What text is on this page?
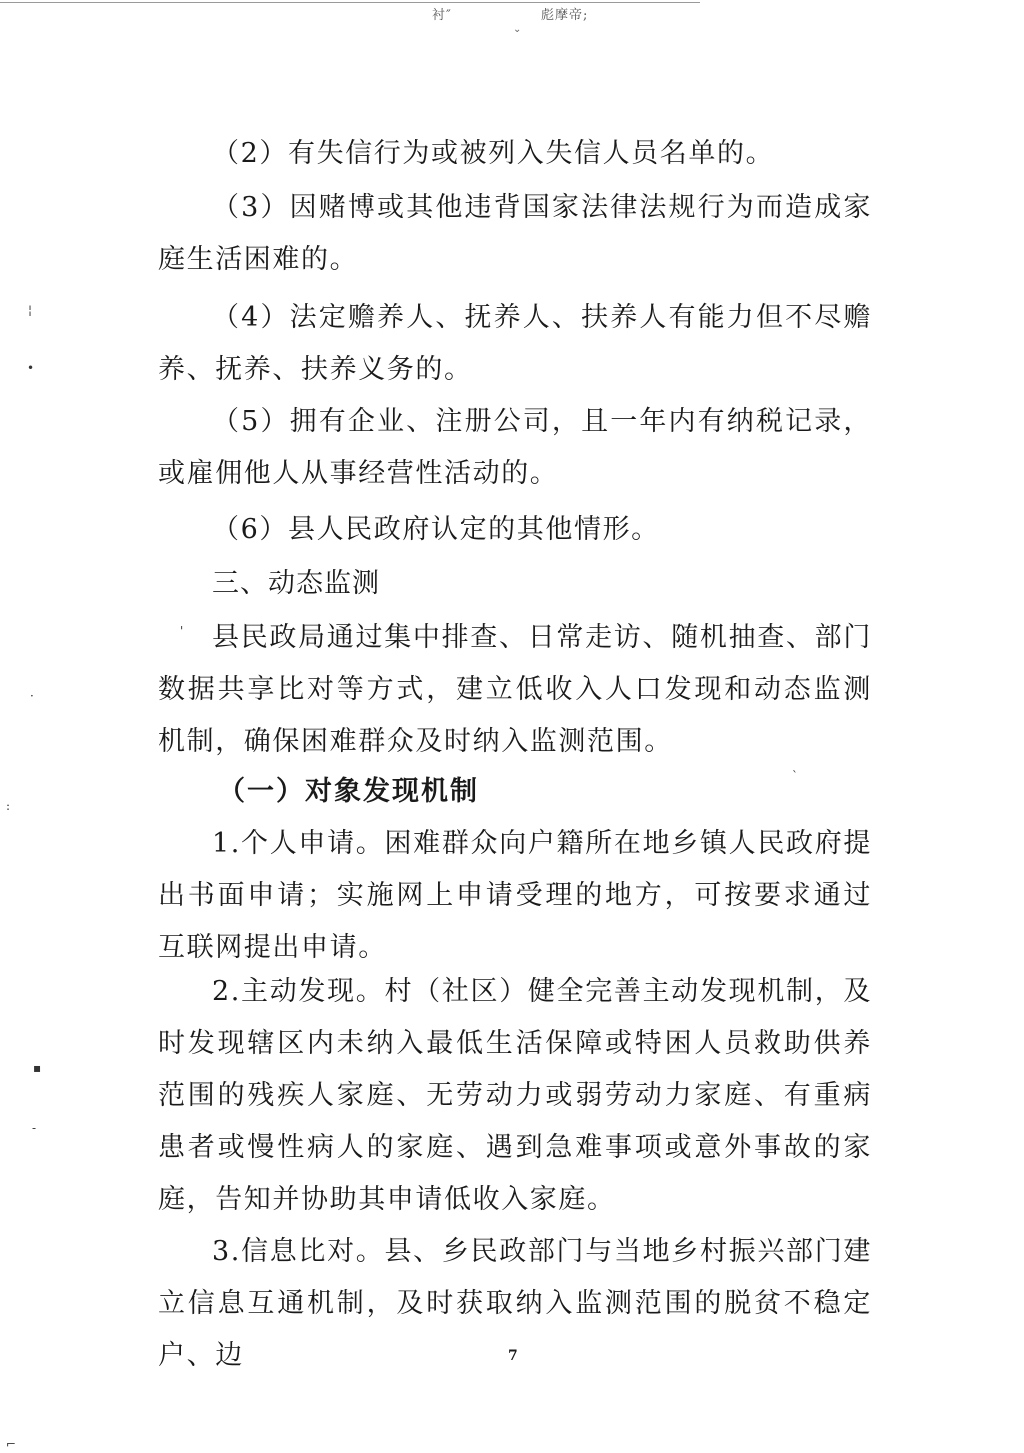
衬​″	彪摩帝;
⌄
¦
•
·
:
▪
-
⌐
`
'

（2）有失信行为或被列入失信人员名单的。

（3）因赌博或其他违背国家法律法规行为而造成家庭生活困难的。

（4）法定赡养人、抚养人、扶养人有能力但不尽赡养、抚养、扶养义务的。

（5）拥有企业、注册公司，且一年内有纳税记录，或雇佣他人从事经营性活动的。

（6）县人民政府认定的其他情形。

三、动态监测

县民政局通过集中排查、日常走访、随机抽查、部门数据共享比对等方式，建立低收入人口发现和动态监测机制，确保困难群众及时纳入监测范围。

（一）对象发现机制

1.个人申请。困难群众向户籍所在地乡镇人民政府提出书面申请；实施网上申请受理的地方，可按要求通过互联网提出申请。

2.主动发现。村（社区）健全完善主动发现机制，及时发现辖区内未纳入最低生活保障或特困人员救助供养范围的残疾人家庭、无劳动力或弱劳动力家庭、有重病患者或慢性病人的家庭、遇到急难事项或意外事故的家庭，告知并协助其申请低收入家庭。

3.信息比对。县、乡民政部门与当地乡村振兴部门建立信息互通机制，及时获取纳入监测范围的脱贫不稳定户、边	7
